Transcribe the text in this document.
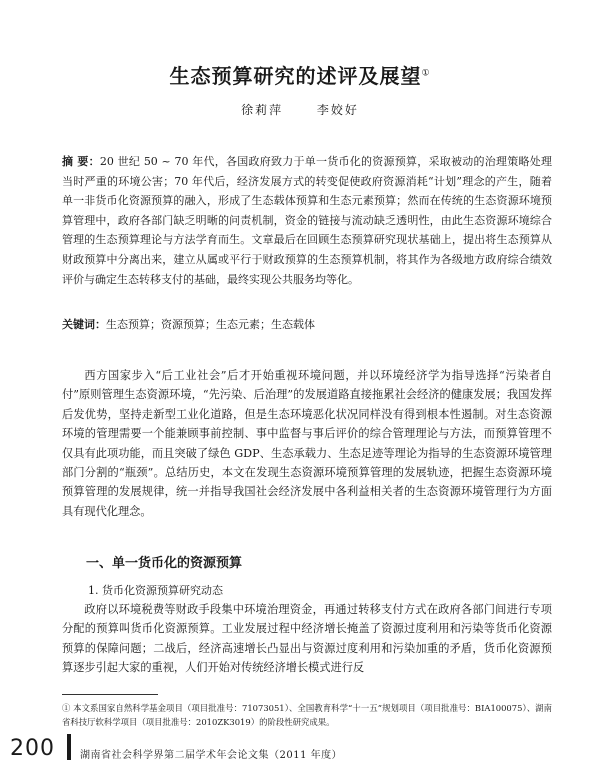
生态预算研究的述评及展望①
徐莉萍	李姣好

摘 要：20 世纪 50 ~ 70 年代，各国政府致力于单一货币化的资源预算，采取被动的治理策略处理当时严重的环境公害；70 年代后，经济发展方式的转变促使政府资源消耗“计划”理念的产生，随着单一非货币化资源预算的融入，形成了生态载体预算和生态元素预算；然而在传统的生态资源环境预算管理中，政府各部门缺乏明晰的问责机制，资金的链接与流动缺乏透明性，由此生态资源环境综合管理的生态预算理论与方法学育而生。文章最后在回顾生态预算研究现状基础上，提出将生态预算从财政预算中分离出来，建立从属或平行于财政预算的生态预算机制，将其作为各级地方政府综合绩效评价与确定生态转移支付的基础，最终实现公共服务均等化。

关键词：生态预算；资源预算；生态元素；生态载体

西方国家步入“后工业社会”后才开始重视环境问题，并以环境经济学为指导选择“污染者自付”原则管理生态资源环境，“先污染、后治理”的发展道路直接拖累社会经济的健康发展；我国发挥后发优势，坚持走新型工业化道路，但是生态环境恶化状况同样没有得到根本性遏制。对生态资源环境的管理需要一个能兼顾事前控制、事中监督与事后评价的综合管理理论与方法，而预算管理不仅具有此项功能，而且突破了绿色 GDP、生态承载力、生态足迹等理论为指导的生态资源环境管理部门分割的“瓶颈”。总结历史，本文在发现生态资源环境预算管理的发展轨迹，把握生态资源环境预算管理的发展规律，统一并指导我国社会经济发展中各利益相关者的生态资源环境管理行为方面具有现代化理念。

一、单一货币化的资源预算

1. 货币化资源预算研究动态

政府以环境税费等财政手段集中环境治理资金，再通过转移支付方式在政府各部门间进行专项分配的预算叫货币化资源预算。工业发展过程中经济增长掩盖了资源过度利用和污染等货币化资源预算的保障问题；二战后，经济高速增长凸显出与资源过度利用和污染加重的矛盾，货币化资源预算逐步引起大家的重视，人们开始对传统经济增长模式进行反

① 本文系国家自然科学基金项目（项目批准号：71073051）、全国教育科学“十一五”规划项目（项目批准号：BIA100075）、湖南省科技厅软科学项目（项目批准号：2010ZK3019）的阶段性研究成果。

200	湖南省社会科学界第二届学术年会论文集（2011 年度）
